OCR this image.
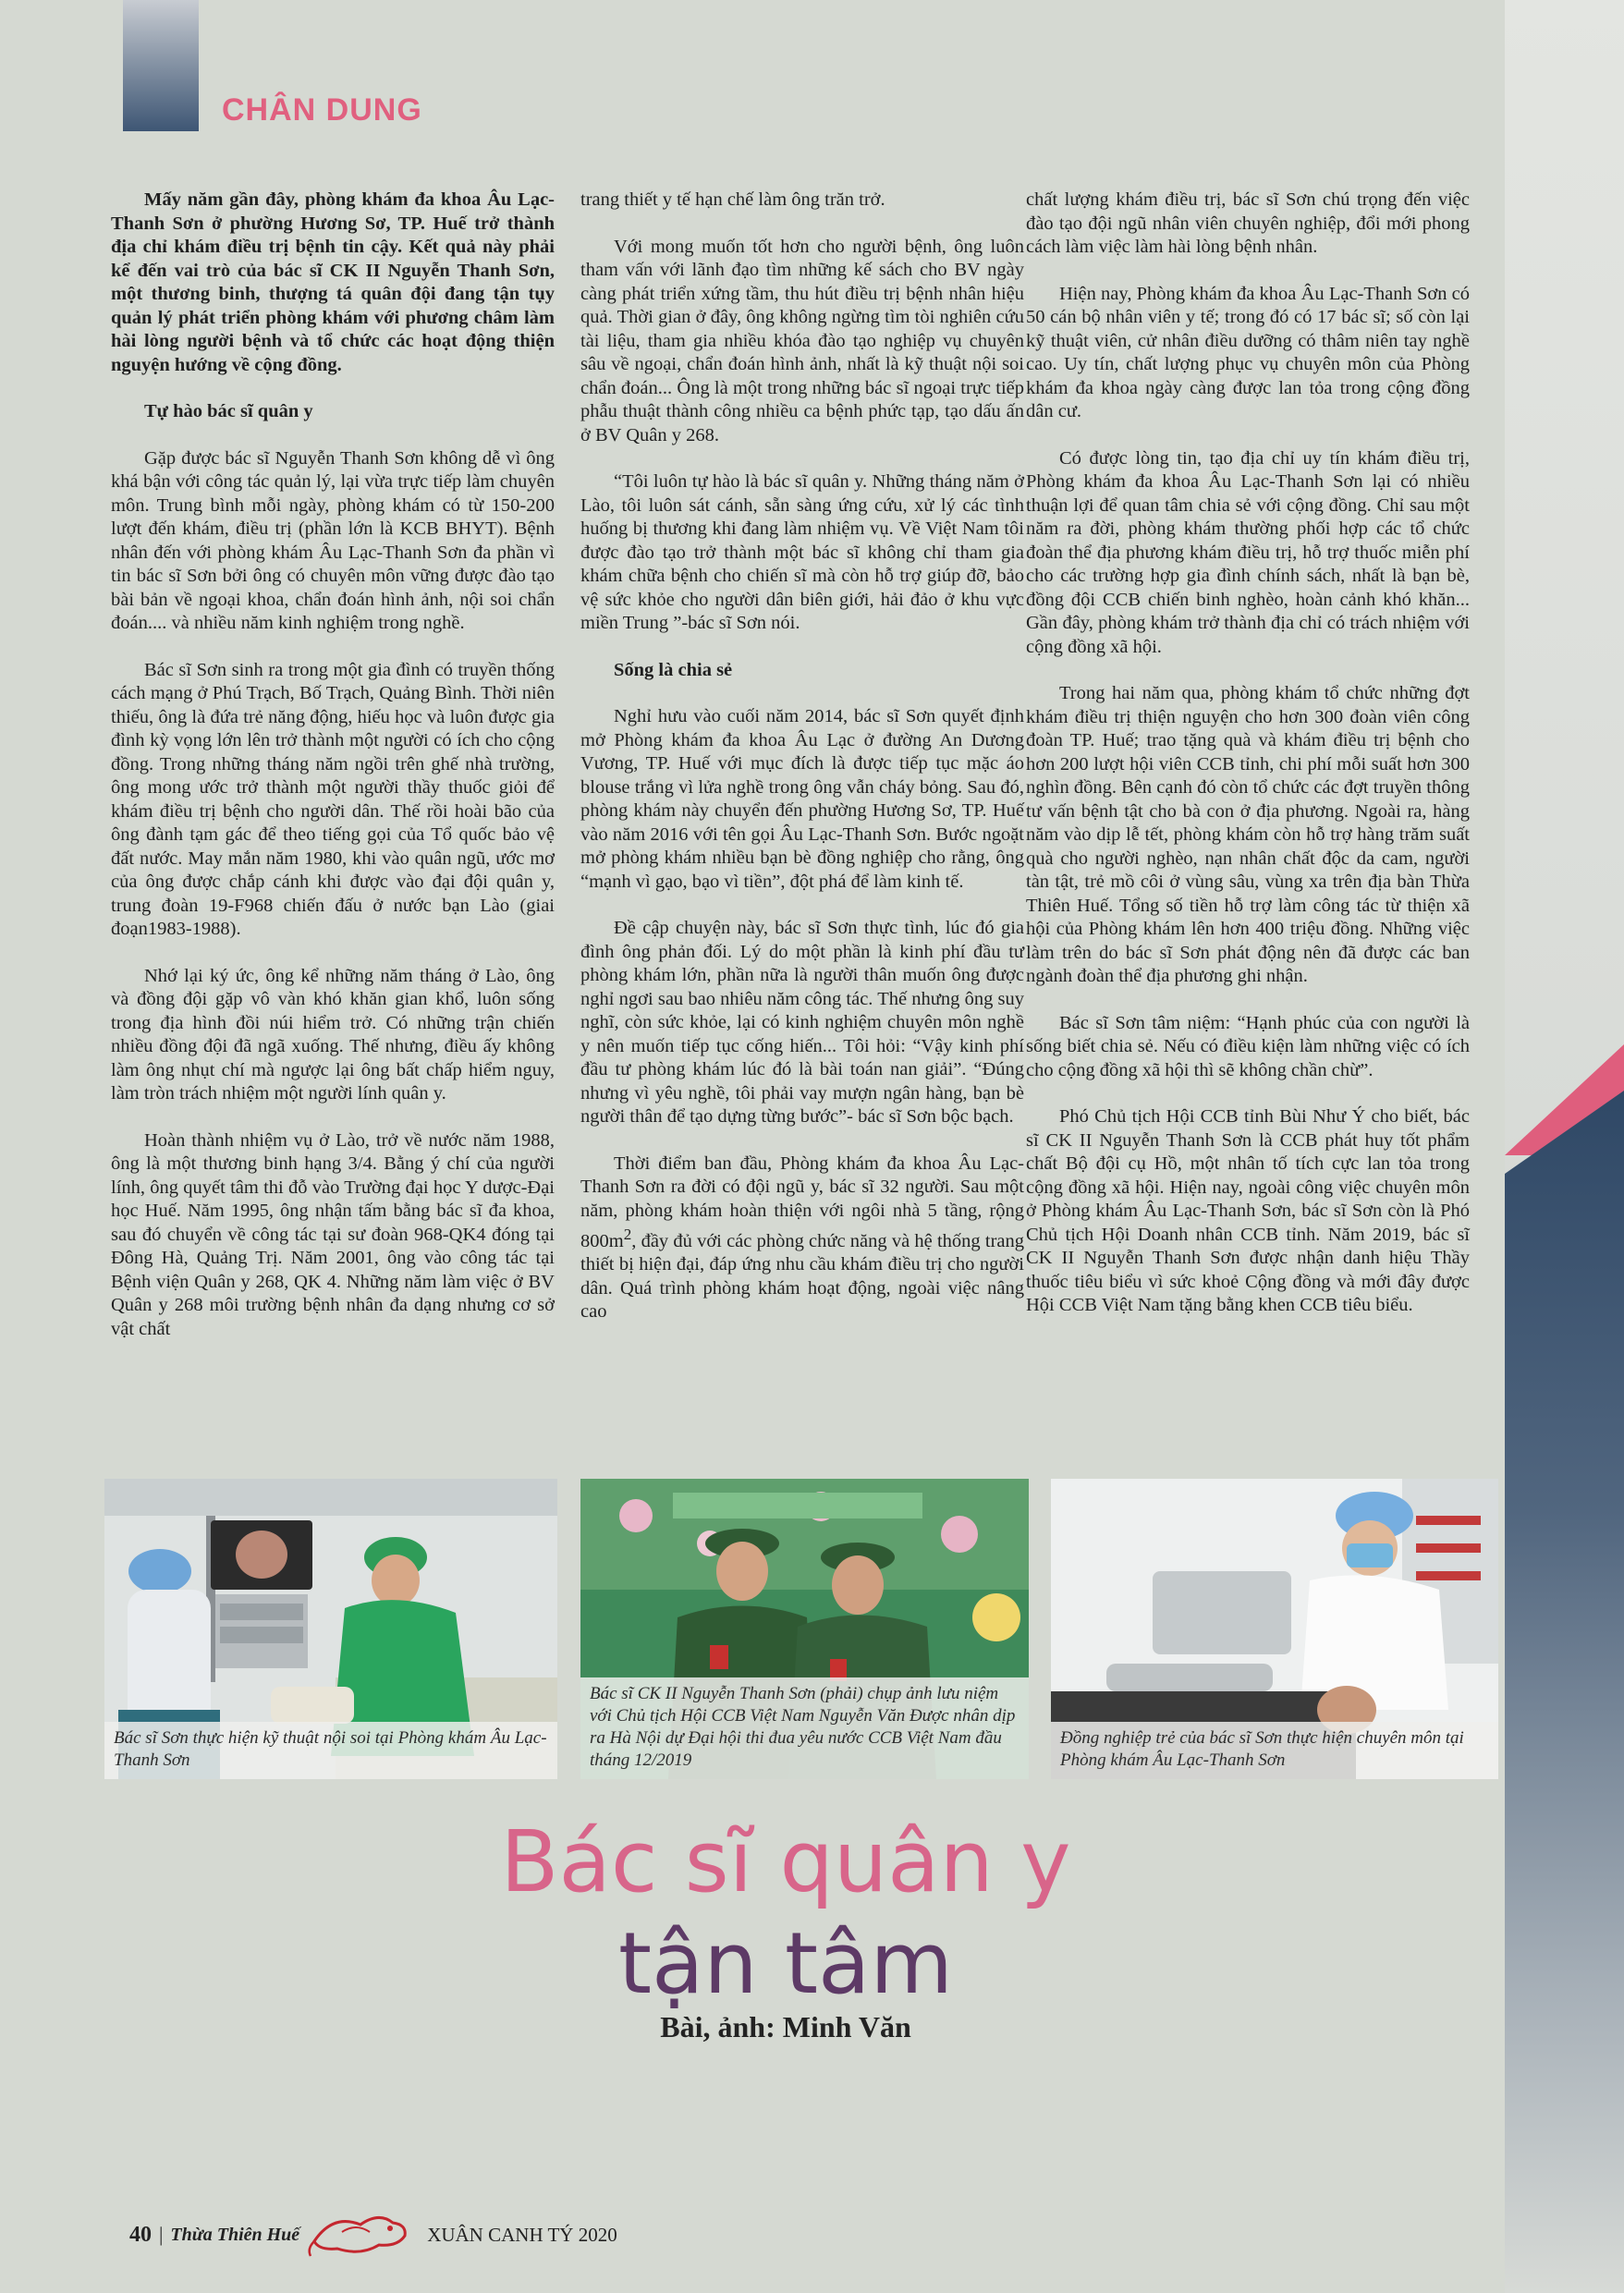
CHÂN DUNG

Mấy năm gần đây, phòng khám đa khoa Âu Lạc-Thanh Sơn ở phường Hương Sơ, TP. Huế trở thành địa chỉ khám điều trị bệnh tin cậy. Kết quả này phải kể đến vai trò của bác sĩ CK II Nguyễn Thanh Sơn, một thương binh, thượng tá quân đội đang tận tụy quản lý phát triển phòng khám với phương châm làm hài lòng người bệnh và tổ chức các hoạt động thiện nguyện hướng về cộng đồng.

Tự hào bác sĩ quân y

Gặp được bác sĩ Nguyễn Thanh Sơn không dễ vì ông khá bận với công tác quản lý, lại vừa trực tiếp làm chuyên môn. Trung bình mỗi ngày, phòng khám có từ 150-200 lượt đến khám, điều trị (phần lớn là KCB BHYT). Bệnh nhân đến với phòng khám Âu Lạc-Thanh Sơn đa phần vì tin bác sĩ Sơn bởi ông có chuyên môn vững được đào tạo bài bản về ngoại khoa, chẩn đoán hình ảnh, nội soi chẩn đoán.... và nhiều năm kinh nghiệm trong nghề.

Bác sĩ Sơn sinh ra trong một gia đình có truyền thống cách mạng ở Phú Trạch, Bố Trạch, Quảng Bình. Thời niên thiếu, ông là đứa trẻ năng động, hiếu học và luôn được gia đình kỳ vọng lớn lên trở thành một người có ích cho cộng đồng. Trong những tháng năm ngồi trên ghế nhà trường, ông mong ước trở thành một người thầy thuốc giỏi để khám điều trị bệnh cho người dân. Thế rồi hoài bão của ông đành tạm gác để theo tiếng gọi của Tổ quốc bảo vệ đất nước. May mắn năm 1980, khi vào quân ngũ, ước mơ của ông được chắp cánh khi được vào đại đội quân y, trung đoàn 19-F968 chiến đấu ở nước bạn Lào (giai đoạn1983-1988).

Nhớ lại ký ức, ông kể những năm tháng ở Lào, ông và đồng đội gặp vô vàn khó khăn gian khổ, luôn sống trong địa hình đồi núi hiểm trở. Có những trận chiến nhiều đồng đội đã ngã xuống. Thế nhưng, điều ấy không làm ông nhụt chí mà ngược lại ông bất chấp hiểm nguy, làm tròn trách nhiệm một người lính quân y.

Hoàn thành nhiệm vụ ở Lào, trở về nước năm 1988, ông là một thương binh hạng 3/4. Bằng ý chí của người lính, ông quyết tâm thi đỗ vào Trường đại học Y dược-Đại học Huế. Năm 1995, ông nhận tấm bằng bác sĩ đa khoa, sau đó chuyển về công tác tại sư đoàn 968-QK4 đóng tại Đông Hà, Quảng Trị. Năm 2001, ông vào công tác tại Bệnh viện Quân y 268, QK 4. Những năm làm việc ở BV Quân y 268 môi trường bệnh nhân đa dạng nhưng cơ sở vật chất

trang thiết y tế hạn chế làm ông trăn trở.

Với mong muốn tốt hơn cho người bệnh, ông luôn tham vấn với lãnh đạo tìm những kế sách cho BV ngày càng phát triển xứng tầm, thu hút điều trị bệnh nhân hiệu quả. Thời gian ở đây, ông không ngừng tìm tòi nghiên cứu tài liệu, tham gia nhiều khóa đào tạo nghiệp vụ chuyên sâu về ngoại, chẩn đoán hình ảnh, nhất là kỹ thuật nội soi chẩn đoán... Ông là một trong những bác sĩ ngoại trực tiếp phẫu thuật thành công nhiều ca bệnh phức tạp, tạo dấu ấn ở BV Quân y 268.

“Tôi luôn tự hào là bác sĩ quân y. Những tháng năm ở Lào, tôi luôn sát cánh, sẵn sàng ứng cứu, xử lý các tình huống bị thương khi đang làm nhiệm vụ. Về Việt Nam tôi được đào tạo trở thành một bác sĩ không chỉ tham gia khám chữa bệnh cho chiến sĩ mà còn hỗ trợ giúp đỡ, bảo vệ sức khỏe cho người dân biên giới, hải đảo ở khu vực miền Trung ”-bác sĩ Sơn nói.

Sống là chia sẻ

Nghỉ hưu vào cuối năm 2014, bác sĩ Sơn quyết định mở Phòng khám đa khoa Âu Lạc ở đường An Dương Vương, TP. Huế với mục đích là được tiếp tục mặc áo blouse trắng vì lửa nghề trong ông vẫn cháy bỏng. Sau đó, phòng khám này chuyển đến phường Hương Sơ, TP. Huế vào năm 2016 với tên gọi Âu Lạc-Thanh Sơn. Bước ngoặt mở phòng khám nhiều bạn bè đồng nghiệp cho rằng, ông “mạnh vì gạo, bạo vì tiền”, đột phá để làm kinh tế.

Đề cập chuyện này, bác sĩ Sơn thực tình, lúc đó gia đình ông phản đối. Lý do một phần là kinh phí đầu tư phòng khám lớn, phần nữa là người thân muốn ông được nghỉ ngơi sau bao nhiêu năm công tác. Thế nhưng ông suy nghĩ, còn sức khỏe, lại có kinh nghiệm chuyên môn nghề y nên muốn tiếp tục cống hiến... Tôi hỏi: “Vậy kinh phí đầu tư phòng khám lúc đó là bài toán nan giải”. “Đúng nhưng vì yêu nghề, tôi phải vay mượn ngân hàng, bạn bè người thân để tạo dựng từng bước”- bác sĩ Sơn bộc bạch.

Thời điểm ban đầu, Phòng khám đa khoa Âu Lạc-Thanh Sơn ra đời có đội ngũ y, bác sĩ 32 người. Sau một năm, phòng khám hoàn thiện với ngôi nhà 5 tầng, rộng $800m^2$, đầy đủ với các phòng chức năng và hệ thống trang thiết bị hiện đại, đáp ứng nhu cầu khám điều trị cho người dân. Quá trình phòng khám hoạt động, ngoài việc nâng cao

chất lượng khám điều trị, bác sĩ Sơn chú trọng đến việc đào tạo đội ngũ nhân viên chuyên nghiệp, đổi mới phong cách làm việc làm hài lòng bệnh nhân.

Hiện nay, Phòng khám đa khoa Âu Lạc-Thanh Sơn có 50 cán bộ nhân viên y tế; trong đó có 17 bác sĩ; số còn lại kỹ thuật viên, cử nhân điều dưỡng có thâm niên tay nghề cao. Uy tín, chất lượng phục vụ chuyên môn của Phòng khám đa khoa ngày càng được lan tỏa trong cộng đồng dân cư.

Có được lòng tin, tạo địa chỉ uy tín khám điều trị, Phòng khám đa khoa Âu Lạc-Thanh Sơn lại có nhiều thuận lợi để quan tâm chia sẻ với cộng đồng. Chỉ sau một năm ra đời, phòng khám thường phối hợp các tổ chức đoàn thể địa phương khám điều trị, hỗ trợ thuốc miễn phí cho các trường hợp gia đình chính sách, nhất là bạn bè, đồng đội CCB chiến binh nghèo, hoàn cảnh khó khăn... Gần đây, phòng khám trở thành địa chỉ có trách nhiệm với cộng đồng xã hội.

Trong hai năm qua, phòng khám tổ chức những đợt khám điều trị thiện nguyện cho hơn 300 đoàn viên công đoàn TP. Huế; trao tặng quà và khám điều trị bệnh cho hơn 200 lượt hội viên CCB tỉnh, chi phí mỗi suất hơn 300 nghìn đồng. Bên cạnh đó còn tổ chức các đợt truyền thông tư vấn bệnh tật cho bà con ở địa phương. Ngoài ra, hàng năm vào dịp lễ tết, phòng khám còn hỗ trợ hàng trăm suất quà cho người nghèo, nạn nhân chất độc da cam, người tàn tật, trẻ mồ côi ở vùng sâu, vùng xa trên địa bàn Thừa Thiên Huế. Tổng số tiền hỗ trợ làm công tác từ thiện xã hội của Phòng khám lên hơn 400 triệu đồng. Những việc làm trên do bác sĩ Sơn phát động nên đã được các ban ngành đoàn thể địa phương ghi nhận.

Bác sĩ Sơn tâm niệm: “Hạnh phúc của con người là sống biết chia sẻ. Nếu có điều kiện làm những việc có ích cho cộng đồng xã hội thì sẽ không chần chừ”.

Phó Chủ tịch Hội CCB tỉnh Bùi Như Ý cho biết, bác sĩ CK II Nguyễn Thanh Sơn là CCB phát huy tốt phẩm chất Bộ đội cụ Hồ, một nhân tố tích cực lan tỏa trong cộng đồng xã hội. Hiện nay, ngoài công việc chuyên môn ở Phòng khám Âu Lạc-Thanh Sơn, bác sĩ Sơn còn là Phó Chủ tịch Hội Doanh nhân CCB tỉnh. Năm 2019, bác sĩ CK II Nguyễn Thanh Sơn được nhận danh hiệu Thầy thuốc tiêu biểu vì sức khoẻ Cộng đồng và mới đây được Hội CCB Việt Nam tặng bằng khen CCB tiêu biểu.

Bác sĩ Sơn thực hiện kỹ thuật nội soi tại Phòng khám Âu Lạc-Thanh Sơn
Bác sĩ CK II Nguyễn Thanh Sơn (phải) chụp ảnh lưu niệm với Chủ tịch Hội CCB Việt Nam Nguyễn Văn Được nhân dịp ra Hà Nội dự Đại hội thi đua yêu nước CCB Việt Nam đầu tháng 12/2019
Đồng nghiệp trẻ của bác sĩ Sơn thực hiện chuyên môn tại Phòng khám Âu Lạc-Thanh Sơn
Bác sĩ quân y
tận tâm
Bài, ảnh: Minh Văn
40 | Thừa Thiên Huế	XUÂN CANH TÝ 2020
